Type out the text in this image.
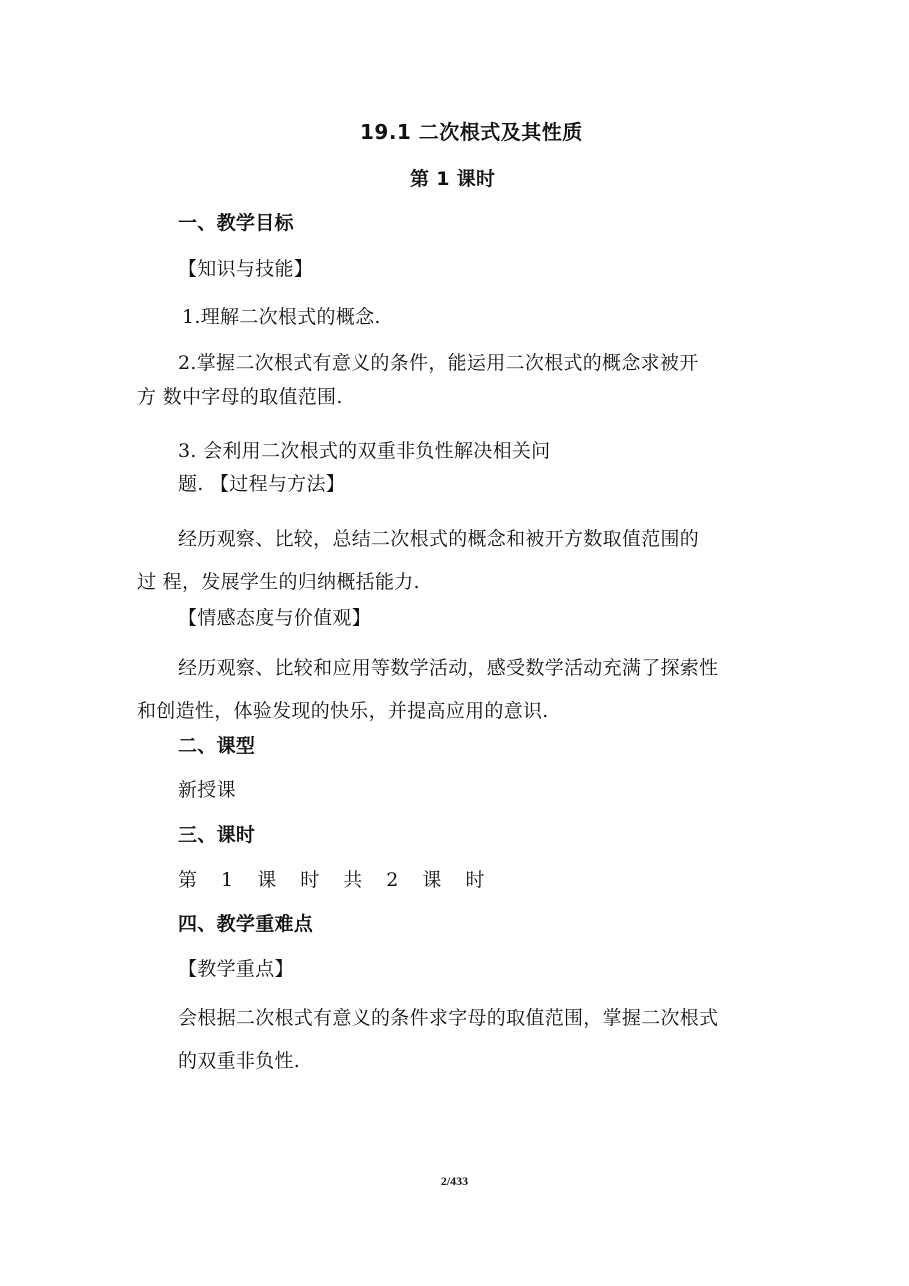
19.1 二次根式及其性质
第 1 课时
一、教学目标
【知识与技能】
1.理解二次根式的概念.
2.掌握二次根式有意义的条件，能运用二次根式的概念求被开
方 数中字母的取值范围.
3. 会利用二次根式的双重非负性解决相关问
题. 【过程与方法】
经历观察、比较，总结二次根式的概念和被开方数取值范围的
过 程，发展学生的归纳概括能力.
【情感态度与价值观】
经历观察、比较和应用等数学活动，感受数学活动充满了探索性
和创造性，体验发现的快乐，并提高应用的意识.
二、课型
新授课
三、课时
第 1 课 时 共 2 课 时
四、教学重难点
【教学重点】
会根据二次根式有意义的条件求字母的取值范围，掌握二次根式
的双重非负性.
2/433
